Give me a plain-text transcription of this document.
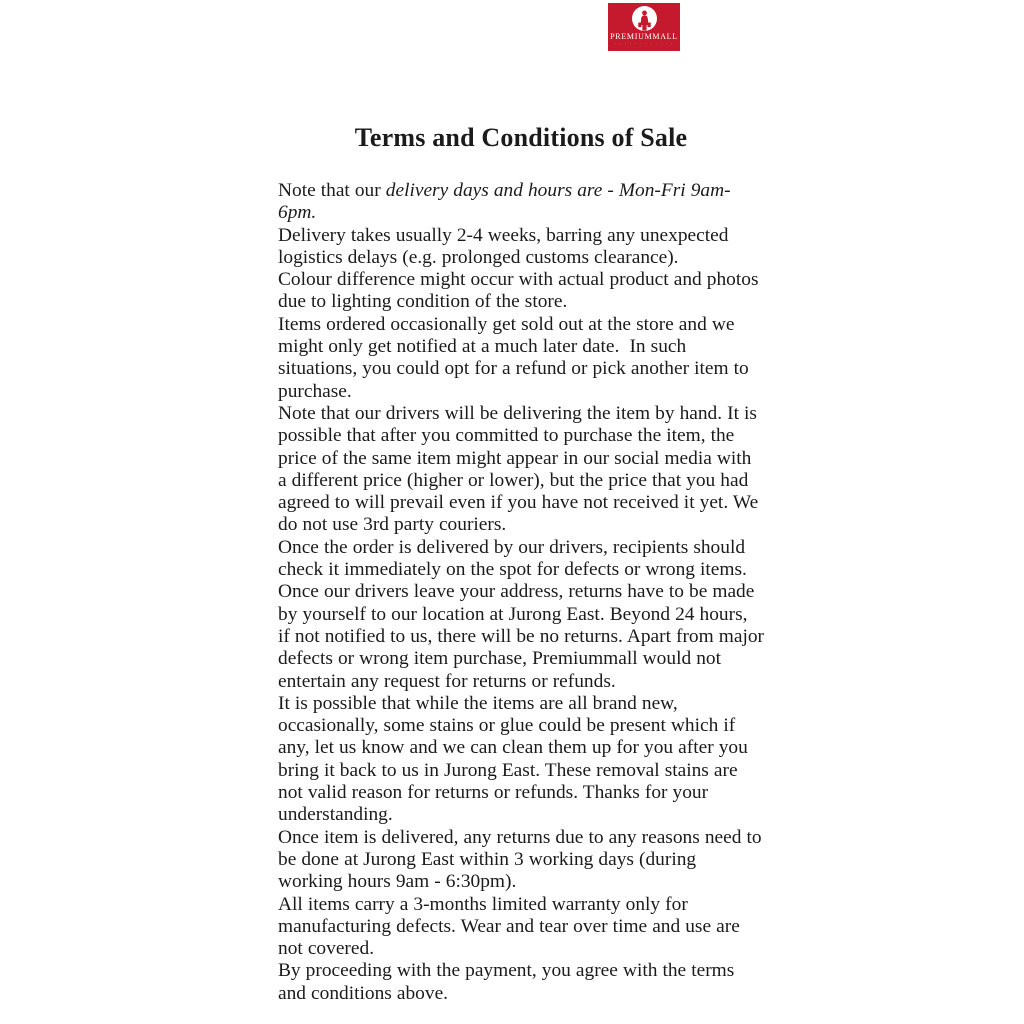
PREMIUMMALL
· · · · · · · · · · · ·
Terms and Conditions of Sale

Note that our delivery days and hours are - Mon-Fri 9am-6pm.

Delivery takes usually 2-4 weeks, barring any unexpected logistics delays (e.g. prolonged customs clearance).

Colour difference might occur with actual product and photos due to lighting condition of the store.

Items ordered occasionally get sold out at the store and we might only get notified at a much later date.  In such situations, you could opt for a refund or pick another item to purchase.

Note that our drivers will be delivering the item by hand. It is possible that after you committed to purchase the item, the price of the same item might appear in our social media with a different price (higher or lower), but the price that you had agreed to will prevail even if you have not received it yet. We do not use 3rd party couriers.

Once the order is delivered by our drivers, recipients should check it immediately on the spot for defects or wrong items.

Once our drivers leave your address, returns have to be made by yourself to our location at Jurong East. Beyond 24 hours, if not notified to us, there will be no returns. Apart from major defects or wrong item purchase, Premiummall would not entertain any request for returns or refunds.

It is possible that while the items are all brand new, occasionally, some stains or glue could be present which if any, let us know and we can clean them up for you after you bring it back to us in Jurong East. These removal stains are not valid reason for returns or refunds. Thanks for your understanding.

Once item is delivered, any returns due to any reasons need to be done at Jurong East within 3 working days (during working hours 9am - 6:30pm).

All items carry a 3-months limited warranty only for manufacturing defects. Wear and tear over time and use are not covered.

By proceeding with the payment, you agree with the terms and conditions above.
